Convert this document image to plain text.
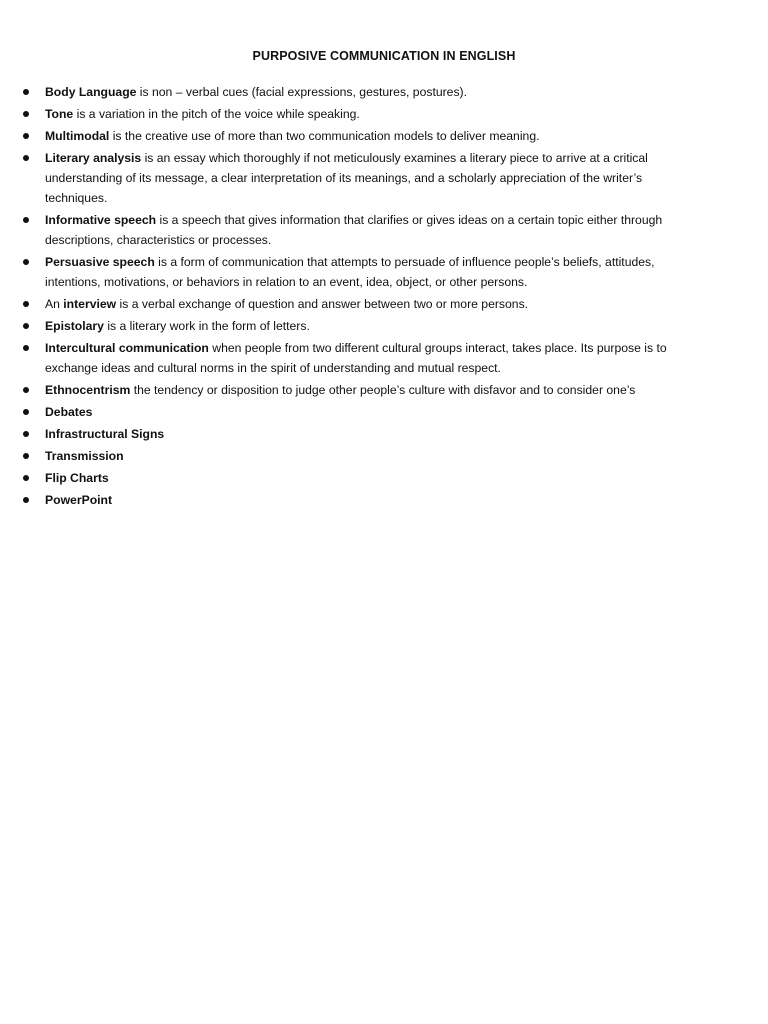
PURPOSIVE COMMUNICATION IN ENGLISH
Body Language is non – verbal cues (facial expressions, gestures, postures).
Tone is a variation in the pitch of the voice while speaking.
Multimodal is the creative use of more than two communication models to deliver meaning.
Literary analysis is an essay which thoroughly if not meticulously examines a literary piece to arrive at a critical understanding of its message, a clear interpretation of its meanings, and a scholarly appreciation of the writer’s techniques.
Informative speech is a speech that gives information that clarifies or gives ideas on a certain topic either through descriptions, characteristics or processes.
Persuasive speech is a form of communication that attempts to persuade of influence people’s beliefs, attitudes, intentions, motivations, or behaviors in relation to an event, idea, object, or other persons.
An interview is a verbal exchange of question and answer between two or more persons.
Epistolary is a literary work in the form of letters.
Intercultural communication when people from two different cultural groups interact, takes place. Its purpose is to exchange ideas and cultural norms in the spirit of understanding and mutual respect.
Ethnocentrism the tendency or disposition to judge other people’s culture with disfavor and to consider one’s
Debates
Infrastructural Signs
Transmission
Flip Charts
PowerPoint
